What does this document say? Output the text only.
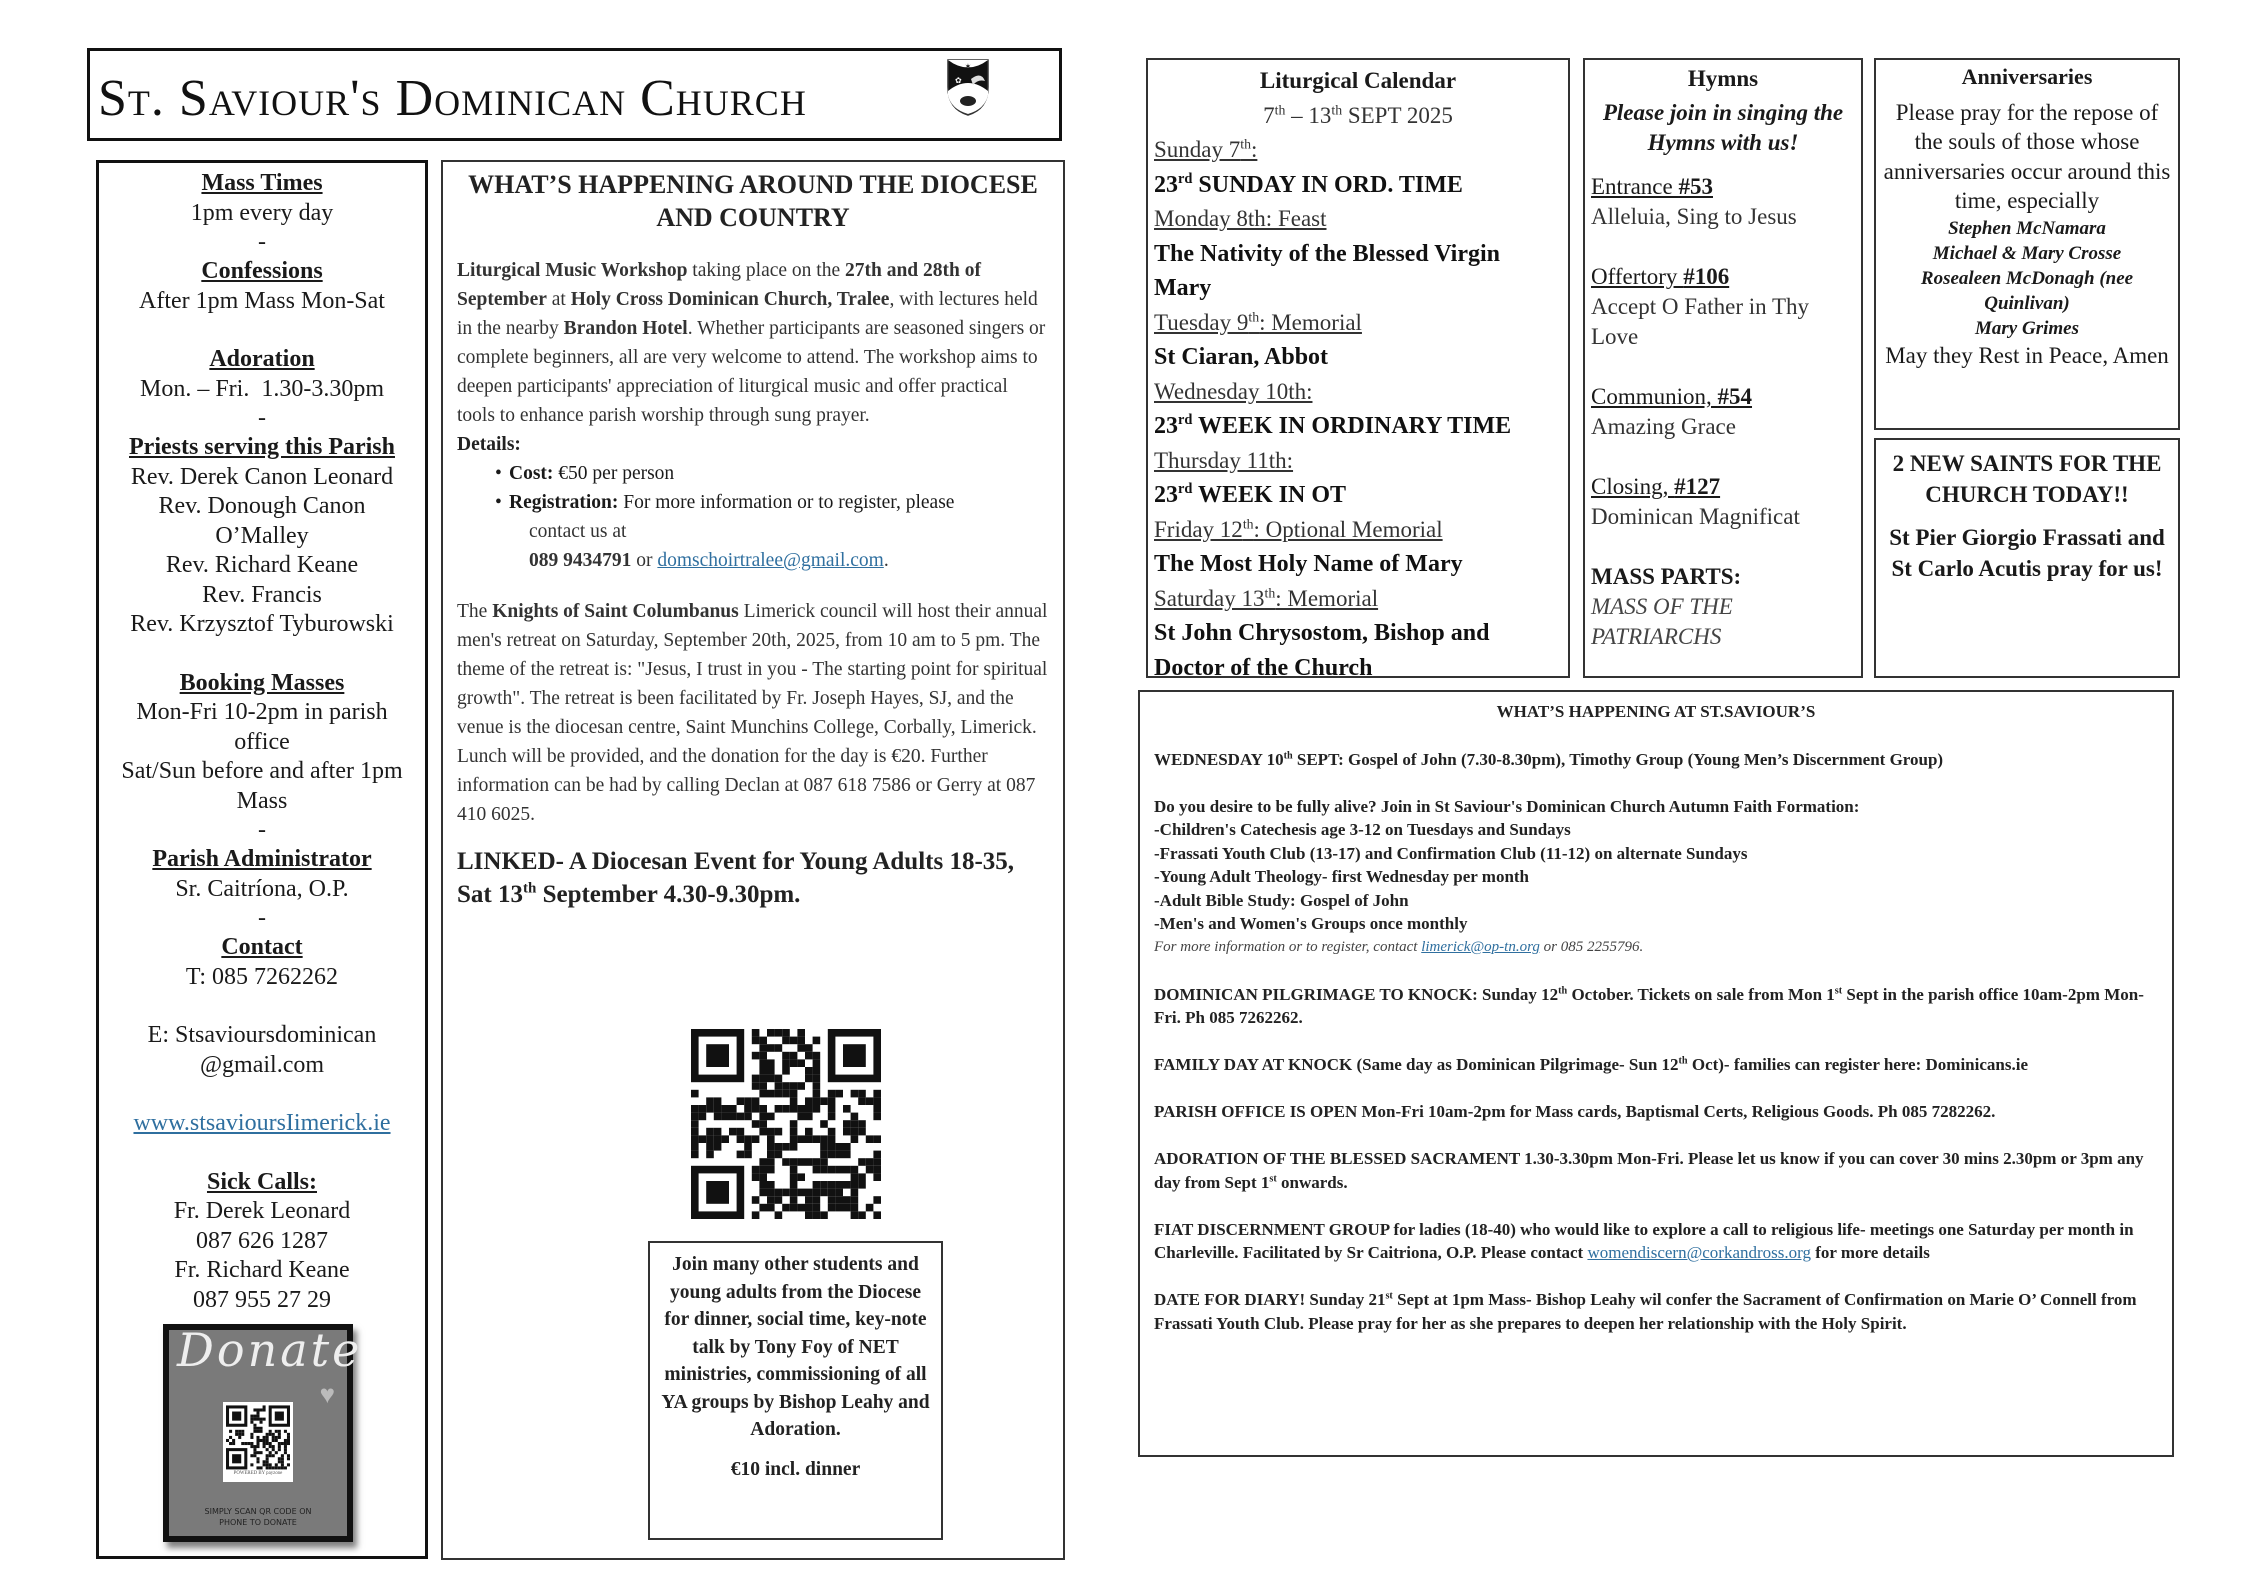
St. Saviour's Dominican Church
✶
✿
Mass Times
1pm every day
-
Confessions
After 1pm Mass Mon-Sat
Adoration
Mon. – Fri.  1.30-3.30pm
-
Priests serving this Parish
Rev. Derek Canon Leonard
Rev. Donough Canon
O’Malley
Rev. Richard Keane
Rev. Francis
Rev. Krzysztof Tyburowski
Booking Masses
Mon-Fri 10-2pm in parish
office
Sat/Sun before and after 1pm
Mass
-
Parish Administrator
Sr. Caitríona, O.P.
-
Contact
T: 085 7262262
E: Stsavioursdominican
@gmail.com
www.stsavioursIimerick.ie
Sick Calls:
Fr. Derek Leonard
087 626 1287
Fr. Richard Keane
087 955 27 29
Donate
♥
POWERED BY payzone
SIMPLY SCAN QR CODE ON
PHONE TO DONATE
WHAT’S HAPPENING AROUND THE DIOCESE AND COUNTRY

Liturgical Music Workshop taking place on the 27th and 28th of September at Holy Cross Dominican Church, Tralee, with lectures held in the nearby Brandon Hotel. Whether participants are seasoned singers or complete beginners, all are very welcome to attend. The workshop aims to deepen participants' appreciation of liturgical music and offer practical tools to enhance parish worship through sung prayer.

Details:

• Cost: €50 per person
• Registration: For more information or to register, please

contact us at

089 9434791 or domschoirtralee@gmail.com.

The Knights of Saint Columbanus Limerick council will host their annual men's retreat on Saturday, September 20th, 2025, from 10 am to 5 pm. The theme of the retreat is: "Jesus, I trust in you - The starting point for spiritual growth". The retreat is been facilitated by Fr. Joseph Hayes, SJ, and the venue is the diocesan centre, Saint Munchins College, Corbally, Limerick. Lunch will be provided, and the donation for the day is €20. Further information can be had by calling Declan at 087 618 7586 or Gerry at 087 410 6025.

LINKED- A Diocesan Event for Young Adults 18-35,
Sat 13th September 4.30-9.30pm.

Join many other students and young adults from the Diocese for dinner, social time, key-note talk by Tony Foy of NET ministries, commissioning of all YA groups by Bishop Leahy and Adoration.
€10 incl. dinner
Liturgical Calendar
7th – 13th SEPT 2025
Sunday 7th:
23rd SUNDAY IN ORD. TIME
Monday 8th: Feast
The Nativity of the Blessed Virgin Mary
Tuesday 9th: Memorial
St Ciaran, Abbot
Wednesday 10th:
23rd WEEK IN ORDINARY TIME
Thursday 11th:
23rd WEEK IN OT
Friday 12th: Optional Memorial
The Most Holy Name of Mary
Saturday 13th: Memorial
St John Chrysostom, Bishop and Doctor of the Church
Hymns
Please join in singing the Hymns with us!
Entrance #53
Alleluia, Sing to Jesus
Offertory #106
Accept O Father in Thy Love
Communion, #54
Amazing Grace
Closing, #127
Dominican Magnificat
MASS PARTS:
MASS OF THE PATRIARCHS
Anniversaries
Please pray for the repose of the souls of those whose anniversaries occur around this time, especially
Stephen McNamara
Michael & Mary Crosse
Rosealeen McDonagh (nee Quinlivan)
Mary Grimes
May they Rest in Peace, Amen
2 NEW SAINTS FOR THE CHURCH TODAY!!
St Pier Giorgio Frassati and St Carlo Acutis pray for us!
WHAT’S HAPPENING AT ST.SAVIOUR’S
WEDNESDAY 10th SEPT: Gospel of John (7.30-8.30pm), Timothy Group (Young Men’s Discernment Group)
Do you desire to be fully alive? Join in St Saviour's Dominican Church Autumn Faith Formation:
-Children's Catechesis age 3-12 on Tuesdays and Sundays
-Frassati Youth Club (13-17) and Confirmation Club (11-12) on alternate Sundays
-Young Adult Theology- first Wednesday per month
-Adult Bible Study: Gospel of John
-Men's and Women's Groups once monthly
For more information or to register, contact limerick@op-tn.org or 085 2255796.
DOMINICAN PILGRIMAGE TO KNOCK: Sunday 12th October. Tickets on sale from Mon 1st Sept in the parish office 10am-2pm Mon-Fri. Ph 085 7262262.
FAMILY DAY AT KNOCK (Same day as Dominican Pilgrimage- Sun 12th Oct)- families can register here: Dominicans.ie
PARISH OFFICE IS OPEN Mon-Fri 10am-2pm for Mass cards, Baptismal Certs, Religious Goods. Ph 085 7282262.
ADORATION OF THE BLESSED SACRAMENT 1.30-3.30pm Mon-Fri. Please let us know if you can cover 30 mins 2.30pm or 3pm any day from Sept 1st onwards.
FIAT DISCERNMENT GROUP for ladies (18-40) who would like to explore a call to religious life- meetings one Saturday per month in Charleville. Facilitated by Sr Caitriona, O.P. Please contact womendiscern@corkandross.org for more details
DATE FOR DIARY! Sunday 21st Sept at 1pm Mass- Bishop Leahy wil confer the Sacrament of Confirmation on Marie O’ Connell from Frassati Youth Club. Please pray for her as she prepares to deepen her relationship with the Holy Spirit.
